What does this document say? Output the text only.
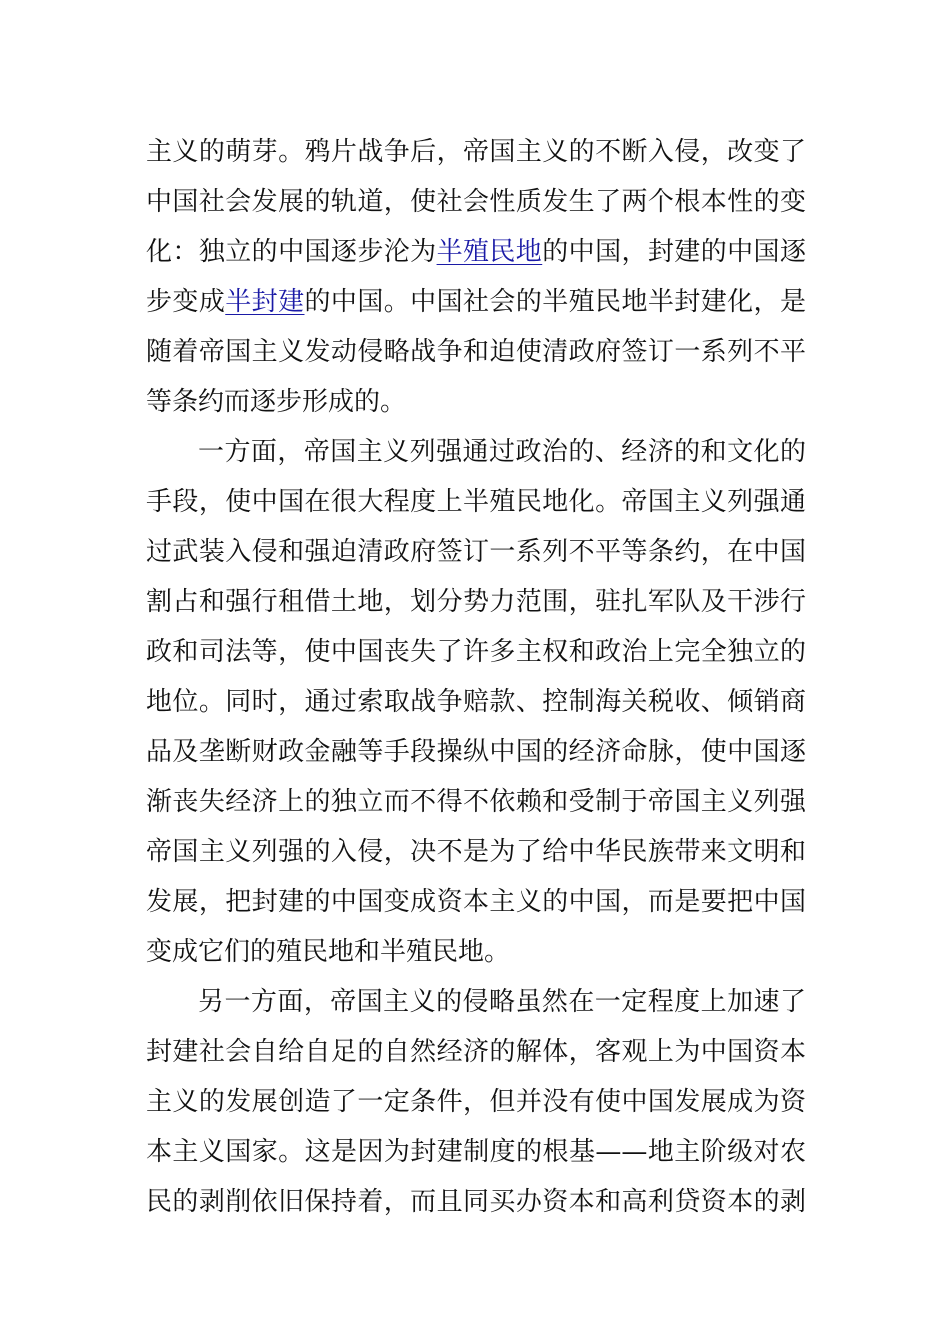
主义的萌芽。鸦片战争后，帝国主义的不断入侵，改变了
中国社会发展的轨道，使社会性质发生了两个根本性的变
化：独立的中国逐步沦为半殖民地的中国，封建的中国逐
步变成半封建的中国。中国社会的半殖民地半封建化，是
随着帝国主义发动侵略战争和迫使清政府签订一系列不平
等条约而逐步形成的。
一方面，帝国主义列强通过政治的、经济的和文化的
手段，使中国在很大程度上半殖民地化。帝国主义列强通
过武装入侵和强迫清政府签订一系列不平等条约，在中国
割占和强行租借土地，划分势力范围，驻扎军队及干涉行
政和司法等，使中国丧失了许多主权和政治上完全独立的
地位。同时，通过索取战争赔款、控制海关税收、倾销商
品及垄断财政金融等手段操纵中国的经济命脉，使中国逐
渐丧失经济上的独立而不得不依赖和受制于帝国主义列强
帝国主义列强的入侵，决不是为了给中华民族带来文明和
发展，把封建的中国变成资本主义的中国，而是要把中国
变成它们的殖民地和半殖民地。
另一方面，帝国主义的侵略虽然在一定程度上加速了
封建社会自给自足的自然经济的解体，客观上为中国资本
主义的发展创造了一定条件，但并没有使中国发展成为资
本主义国家。这是因为封建制度的根基——地主阶级对农
民的剥削依旧保持着，而且同买办资本和高利贷资本的剥
